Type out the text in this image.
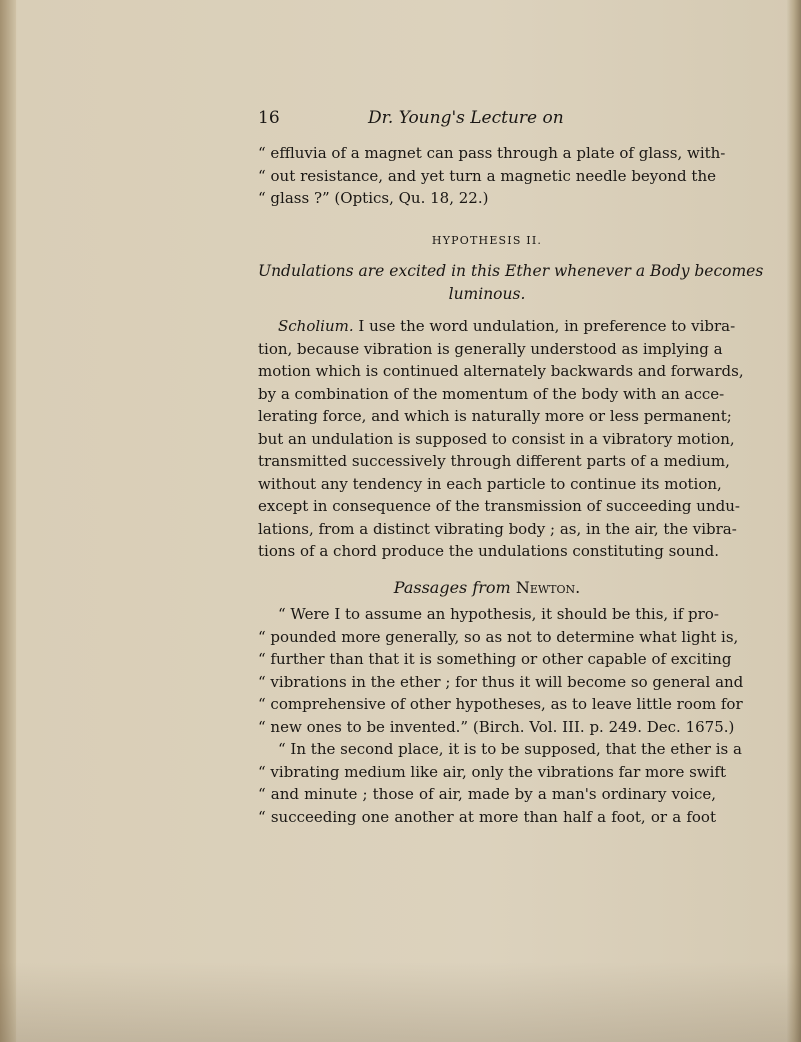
16	Dr. Young's Lecture on
“ effluvia of a magnet can pass through a plate of glass, with-
“ out resistance, and yet turn a magnetic needle beyond the
“ glass ?” (Optics, Qu. 18, 22.)
HYPOTHESIS II.
Undulations are excited in this Ether whenever a Body becomes
luminous.
Scholium. I use the word undulation, in preference to vibra-
tion, because vibration is generally understood as implying a
motion which is continued alternately backwards and forwards,
by a combination of the momentum of the body with an acce-
lerating force, and which is naturally more or less permanent;
but an undulation is supposed to consist in a vibratory motion,
transmitted successively through different parts of a medium,
without any tendency in each particle to continue its motion,
except in consequence of the transmission of succeeding undu-
lations, from a distinct vibrating body ; as, in the air, the vibra-
tions of a chord produce the undulations constituting sound.
Passages from Newton.
“ Were I to assume an hypothesis, it should be this, if pro-
“ pounded more generally, so as not to determine what light is,
“ further than that it is something or other capable of exciting
“ vibrations in the ether ; for thus it will become so general and
“ comprehensive of other hypotheses, as to leave little room for
“ new ones to be invented.” (Birch. Vol. III. p. 249. Dec. 1675.)
“ In the second place, it is to be supposed, that the ether is a
“ vibrating medium like air, only the vibrations far more swift
“ and minute ; those of air, made by a man's ordinary voice,
“ succeeding one another at more than half a foot, or a foot
